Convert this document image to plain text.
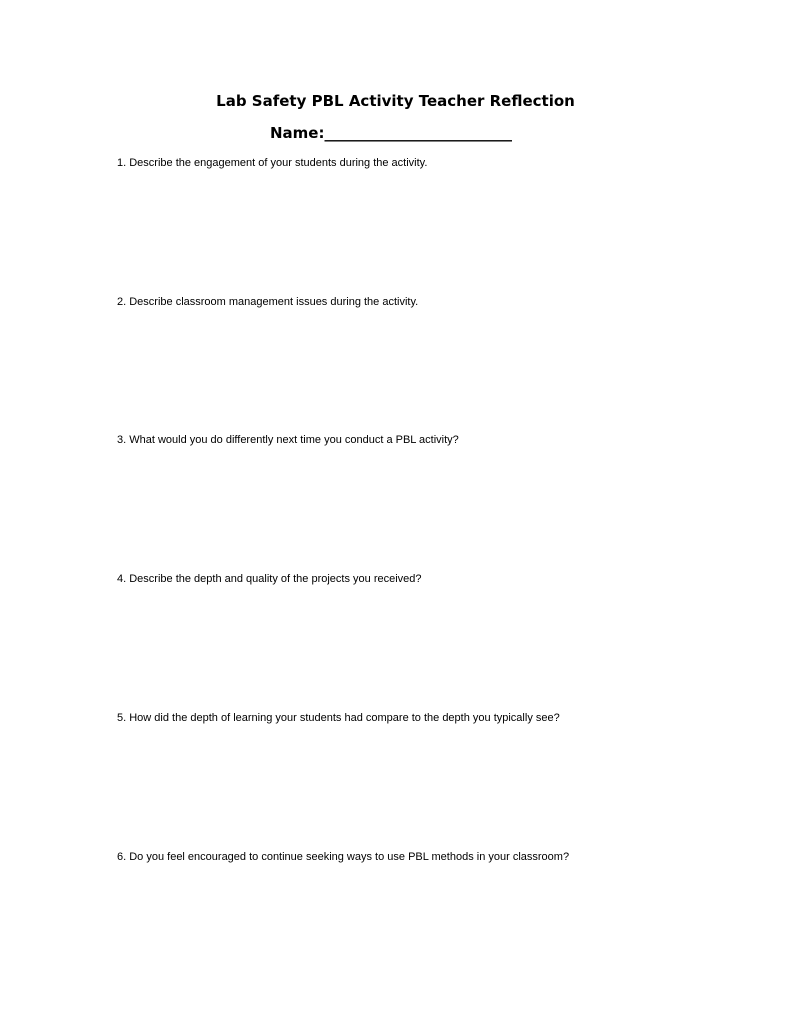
Lab Safety PBL Activity Teacher Reflection
Name:_________________________

1. Describe the engagement of your students during the activity.

2. Describe classroom management issues during the activity.

3. What would you do differently next time you conduct a PBL activity?

4. Describe the depth and quality of the projects you received?

5. How did the depth of learning your students had compare to the depth you typically see?

6. Do you feel encouraged to continue seeking ways to use PBL methods in your classroom?
